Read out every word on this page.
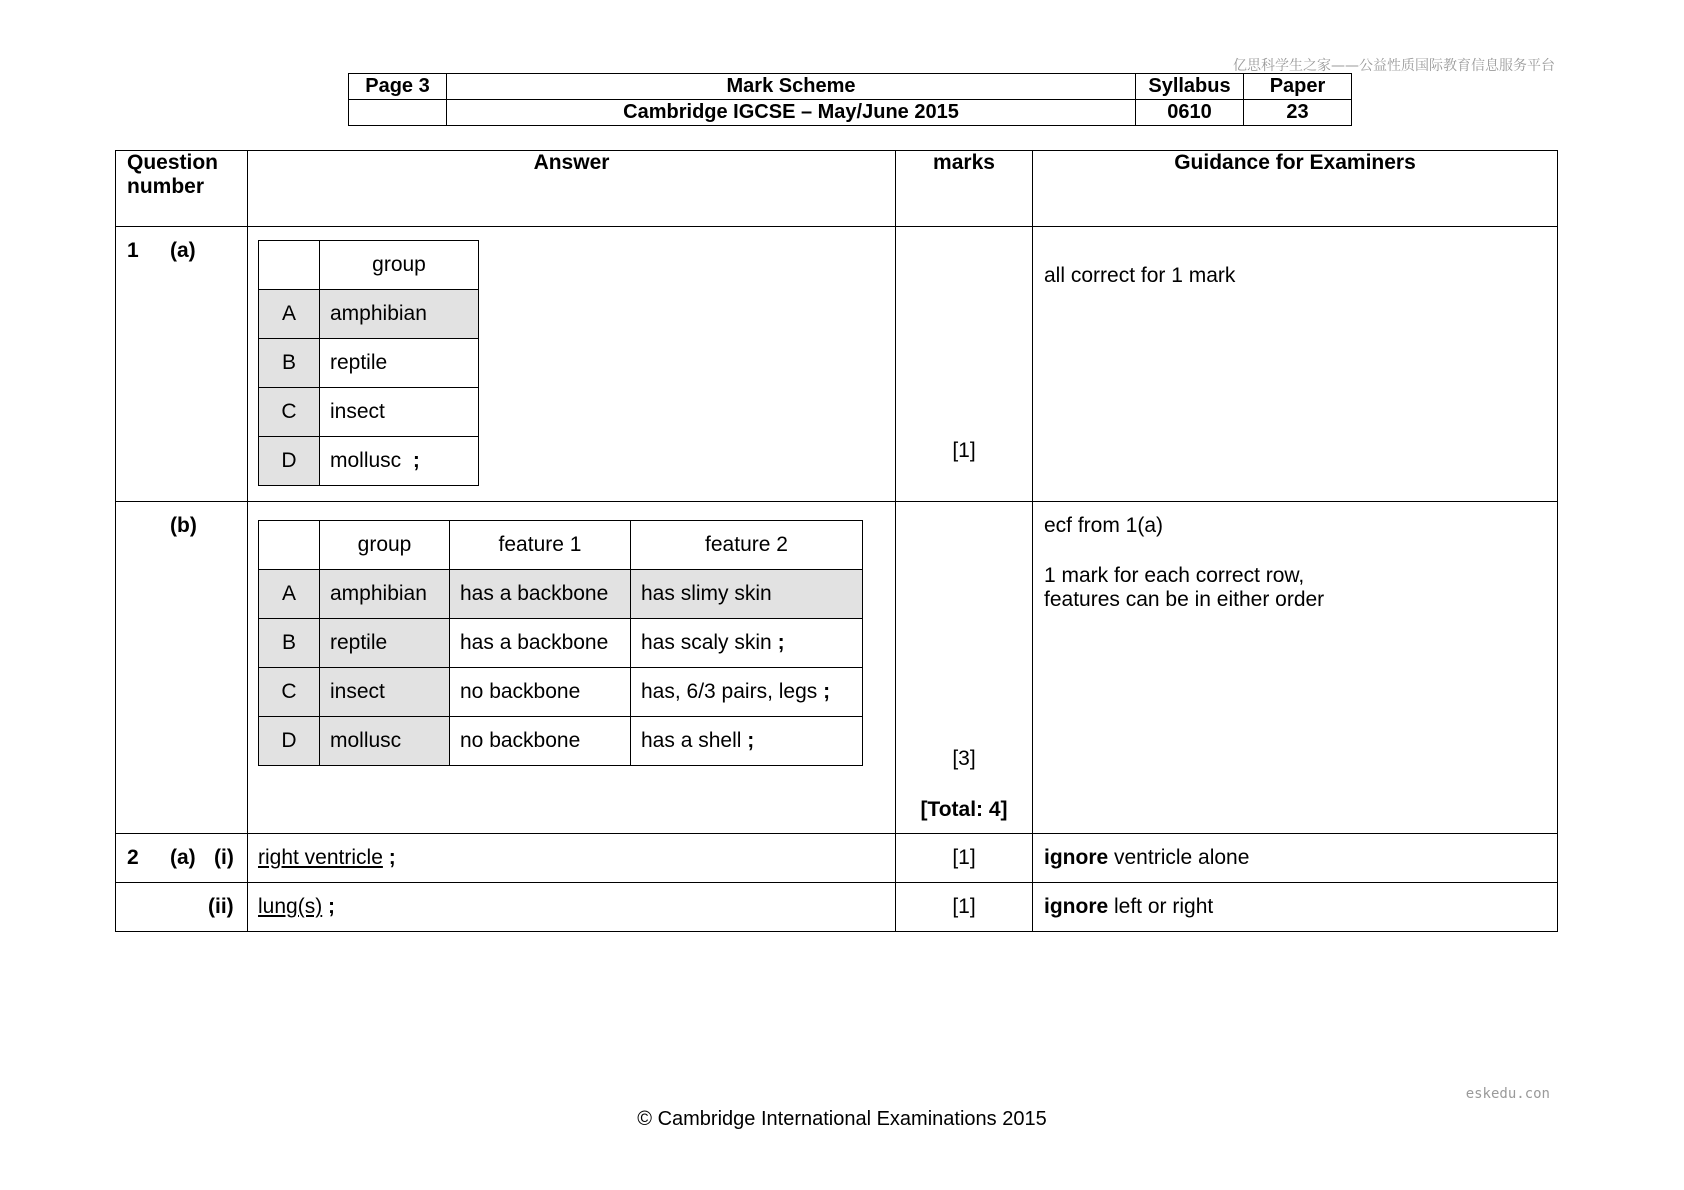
亿思科学生之家——公益性质国际教育信息服务平台
Page 3	Mark Scheme	Syllabus	Paper
	Cambridge IGCSE – May/June 2015	0610	23
Question
number	Answer	marks	Guidance for Examiners

1 (a)

	group
A	amphibian
B	reptile
C	insect
D	mollusc ;
		[1]
	all correct for 1 mark

(b)

	group	feature 1	feature 2
A	amphibian	has a backbone	has slimy skin
B	reptile	has a backbone	has scaly skin ;
C	insect	no backbone	has, 6/3 pairs, legs ;
D	mollusc	no backbone	has a shell ;

[3]
[Total: 4]

ecf from 1(a)
1 mark for each correct row,
features can be in either order

2 (a) (i)	right ventricle ;	[1]	ignore ventricle alone

(ii)	lung(s) ;	[1]	ignore left or right
eskedu.con
© Cambridge International Examinations 2015
